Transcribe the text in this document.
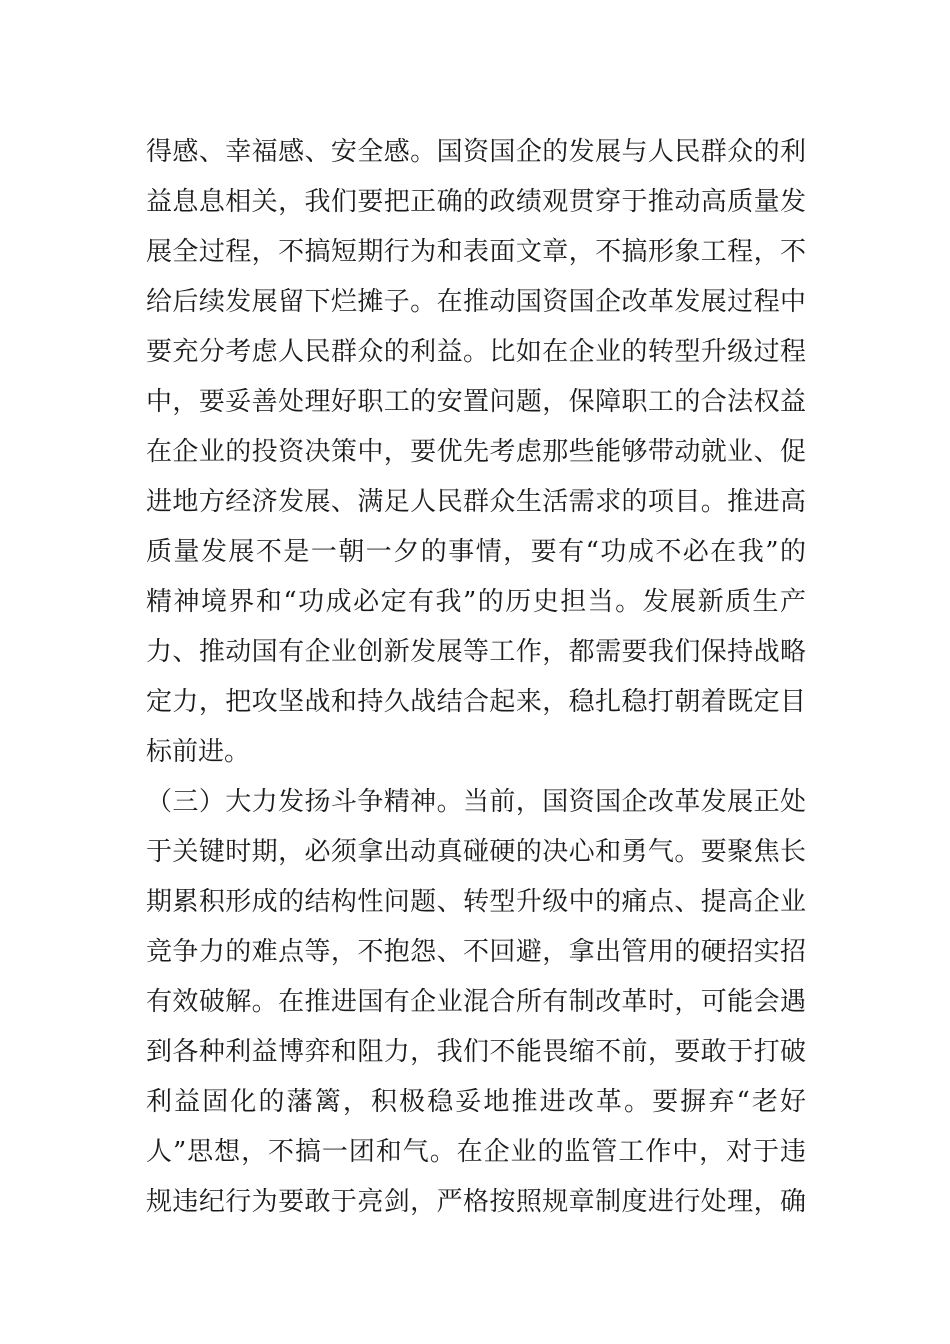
得感、幸福感、安全感。国资国企的发展与人民群众的利
益息息相关，我们要把正确的政绩观贯穿于推动高质量发
展全过程，不搞短期行为和表面文章，不搞形象工程，不
给后续发展留下烂摊子。在推动国资国企改革发展过程中
要充分考虑人民群众的利益。比如在企业的转型升级过程
中，要妥善处理好职工的安置问题，保障职工的合法权益
在企业的投资决策中，要优先考虑那些能够带动就业、促
进地方经济发展、满足人民群众生活需求的项目。推进高
质量发展不是一朝一夕的事情，要有“功成不必在我”的
精神境界和“功成必定有我”的历史担当。发展新质生产
力、推动国有企业创新发展等工作，都需要我们保持战略
定力，把攻坚战和持久战结合起来，稳扎稳打朝着既定目
标前进。
（三）大力发扬斗争精神。当前，国资国企改革发展正处
于关键时期，必须拿出动真碰硬的决心和勇气。要聚焦长
期累积形成的结构性问题、转型升级中的痛点、提高企业
竞争力的难点等，不抱怨、不回避，拿出管用的硬招实招
有效破解。在推进国有企业混合所有制改革时，可能会遇
到各种利益博弈和阻力，我们不能畏缩不前，要敢于打破
利益固化的藩篱，积极稳妥地推进改革。要摒弃“老好
人”思想，不搞一团和气。在企业的监管工作中，对于违
规违纪行为要敢于亮剑，严格按照规章制度进行处理，确
